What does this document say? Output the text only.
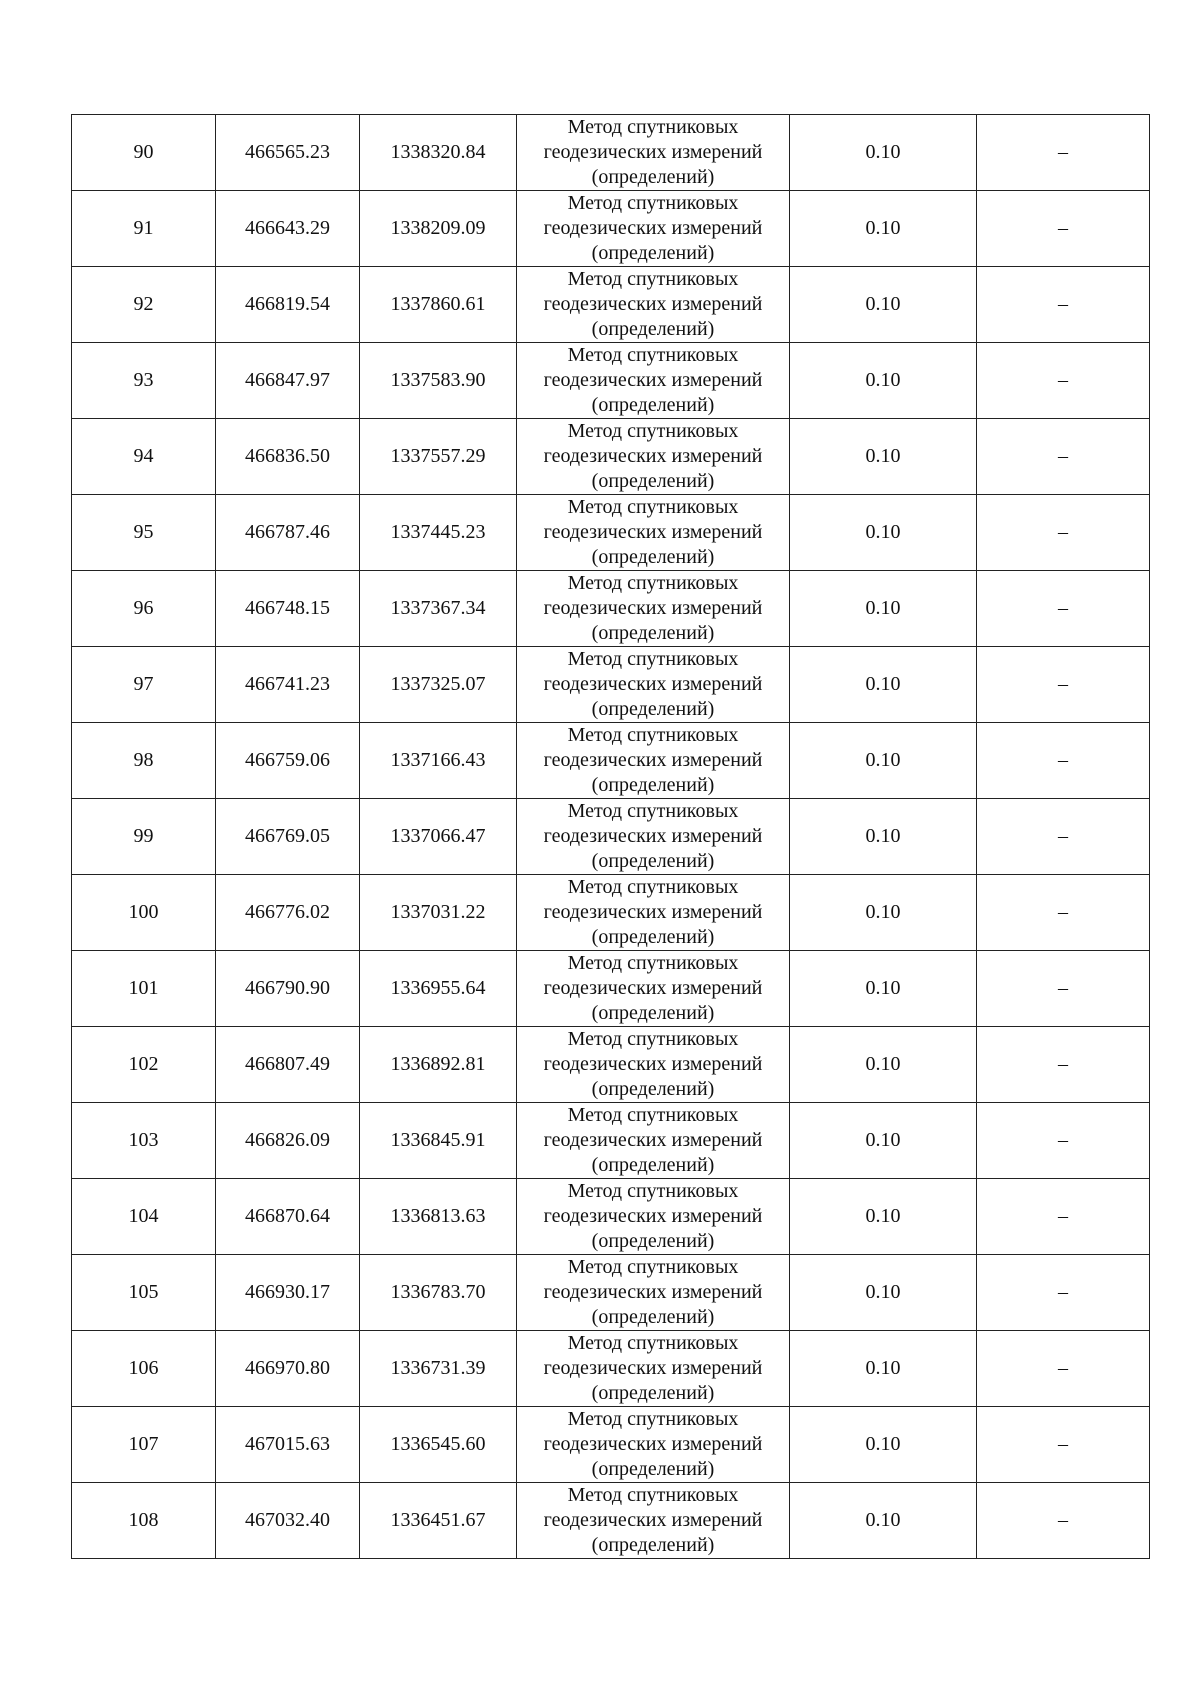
90	466565.23	1338320.84	Метод спутниковых
геодезических измерений
(определений)	0.10	–
91	466643.29	1338209.09	Метод спутниковых
геодезических измерений
(определений)	0.10	–
92	466819.54	1337860.61	Метод спутниковых
геодезических измерений
(определений)	0.10	–
93	466847.97	1337583.90	Метод спутниковых
геодезических измерений
(определений)	0.10	–
94	466836.50	1337557.29	Метод спутниковых
геодезических измерений
(определений)	0.10	–
95	466787.46	1337445.23	Метод спутниковых
геодезических измерений
(определений)	0.10	–
96	466748.15	1337367.34	Метод спутниковых
геодезических измерений
(определений)	0.10	–
97	466741.23	1337325.07	Метод спутниковых
геодезических измерений
(определений)	0.10	–
98	466759.06	1337166.43	Метод спутниковых
геодезических измерений
(определений)	0.10	–
99	466769.05	1337066.47	Метод спутниковых
геодезических измерений
(определений)	0.10	–
100	466776.02	1337031.22	Метод спутниковых
геодезических измерений
(определений)	0.10	–
101	466790.90	1336955.64	Метод спутниковых
геодезических измерений
(определений)	0.10	–
102	466807.49	1336892.81	Метод спутниковых
геодезических измерений
(определений)	0.10	–
103	466826.09	1336845.91	Метод спутниковых
геодезических измерений
(определений)	0.10	–
104	466870.64	1336813.63	Метод спутниковых
геодезических измерений
(определений)	0.10	–
105	466930.17	1336783.70	Метод спутниковых
геодезических измерений
(определений)	0.10	–
106	466970.80	1336731.39	Метод спутниковых
геодезических измерений
(определений)	0.10	–
107	467015.63	1336545.60	Метод спутниковых
геодезических измерений
(определений)	0.10	–
108	467032.40	1336451.67	Метод спутниковых
геодезических измерений
(определений)	0.10	–
